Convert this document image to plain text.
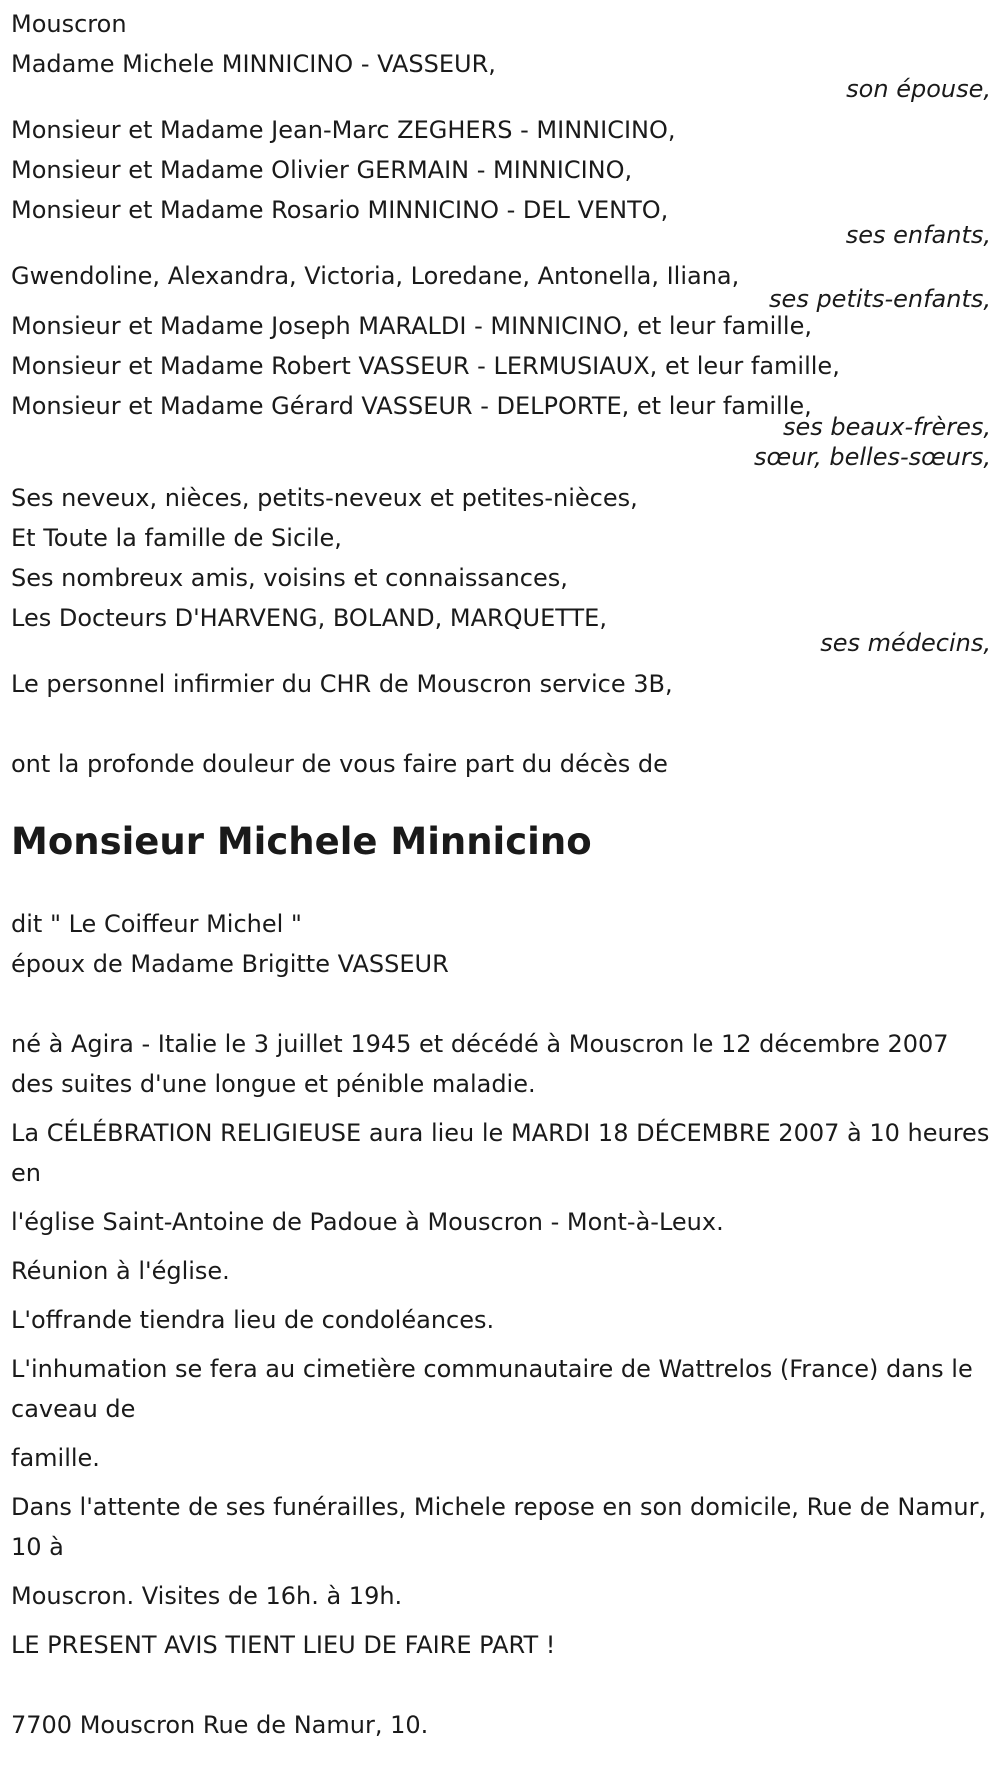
Mouscron
Madame Michele MINNICINO - VASSEUR,
son épouse,
Monsieur et Madame Jean-Marc ZEGHERS - MINNICINO,
Monsieur et Madame Olivier GERMAIN - MINNICINO,
Monsieur et Madame Rosario MINNICINO - DEL VENTO,
ses enfants,
Gwendoline, Alexandra, Victoria, Loredane, Antonella, Iliana,
ses petits-enfants,
Monsieur et Madame Joseph MARALDI - MINNICINO, et leur famille,
Monsieur et Madame Robert VASSEUR - LERMUSIAUX, et leur famille,
Monsieur et Madame Gérard VASSEUR - DELPORTE, et leur famille,
ses beaux-frères,
sœur, belles-sœurs,
Ses neveux, nièces, petits-neveux et petites-nièces,
Et Toute la famille de Sicile,
Ses nombreux amis, voisins et connaissances,
Les Docteurs D'HARVENG, BOLAND, MARQUETTE,
ses médecins,
Le personnel infirmier du CHR de Mouscron service 3B,
ont la profonde douleur de vous faire part du décès de
Monsieur Michele Minnicino
dit " Le Coiffeur Michel "
époux de Madame Brigitte VASSEUR
né à Agira - Italie le 3 juillet 1945 et décédé à Mouscron le 12 décembre 2007 des suites d'une longue et pénible maladie.
La CÉLÉBRATION RELIGIEUSE aura lieu le MARDI 18 DÉCEMBRE 2007 à 10 heures en
l'église Saint-Antoine de Padoue à Mouscron - Mont-à-Leux.
Réunion à l'église.
L'offrande tiendra lieu de condoléances.
L'inhumation se fera au cimetière communautaire de Wattrelos (France) dans le caveau de
famille.
Dans l'attente de ses funérailles, Michele repose en son domicile, Rue de Namur, 10 à
Mouscron. Visites de 16h. à 19h.
LE PRESENT AVIS TIENT LIEU DE FAIRE PART !
7700 Mouscron Rue de Namur, 10.
